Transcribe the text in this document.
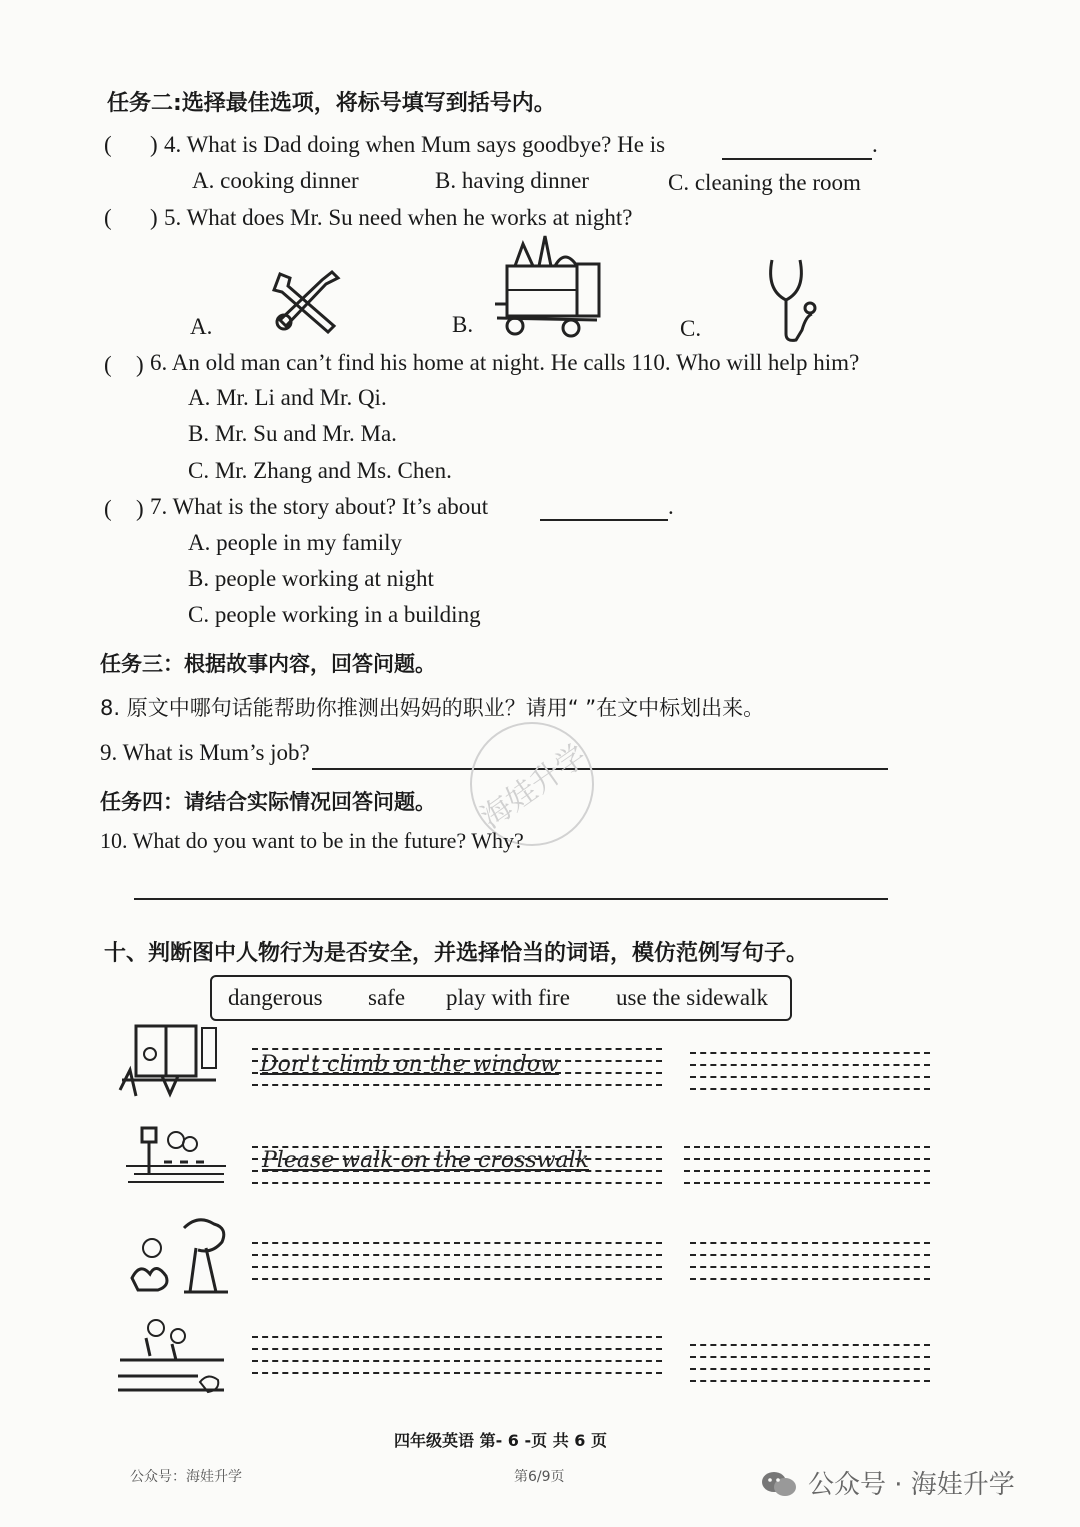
任务二:选择最佳选项，将标号填写到括号内。
( ) 4. What is Dad doing when Mum says goodbye? He is	.
A. cooking dinner	B. having dinner	C. cleaning the room
( ) 5. What does Mr. Su need when he works at night?
A.	B.	C.
( ) 6. An old man can’t find his home at night. He calls 110. Who will help him?
A. Mr. Li and Mr. Qi.
B. Mr. Su and Mr. Ma.
C. Mr. Zhang and Ms. Chen.
( ) 7. What is the story about? It’s about	.
A. people in my family
B. people working at night
C. people working in a building
任务三：根据故事内容，回答问题。
8. 原文中哪句话能帮助你推测出妈妈的职业？请用“ ”在文中标划出来。
9. What is Mum’s job?	海娃升学
任务四：请结合实际情况回答问题。
10. What do you want to be in the future? Why?
十、判断图中人物行为是否安全，并选择恰当的词语，模仿范例写句子。
dangerous safe play with fire use the sidewalk
Don't climb on the window
Please walk on the crosswalk
四年级英语 第- 6 -页 共 6 页
公众号：海娃升学	第6/9页	公众号 · 海娃升学
